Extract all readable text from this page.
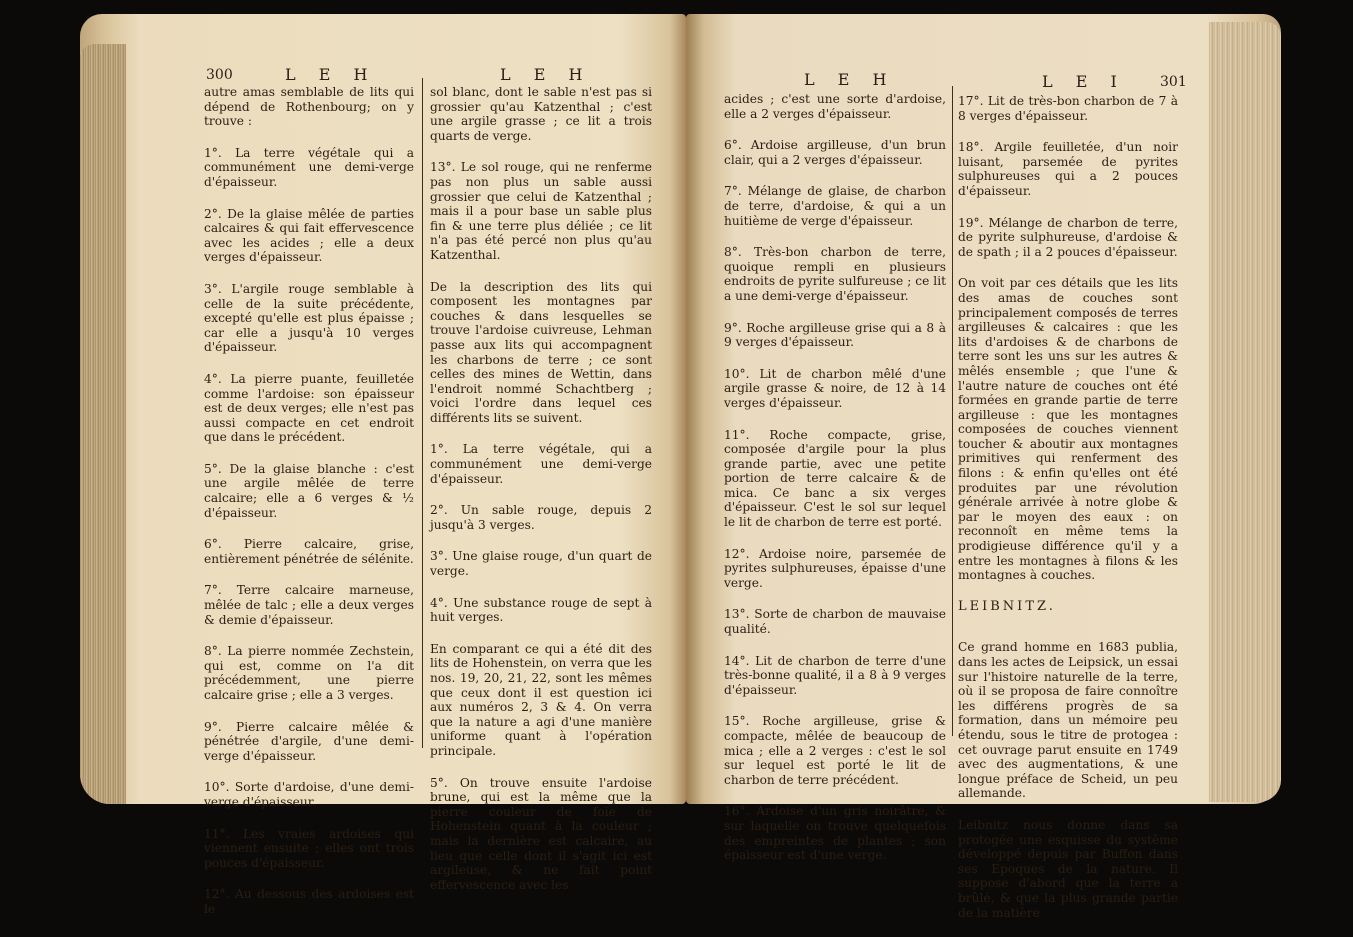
300	L E H	L E H

autre amas semblable de lits qui dépend de Rothenbourg; on y trouve :

1°. La terre végétale qui a communément une demi-verge d'épaisseur.

2°. De la glaise mêlée de parties calcaires & qui fait effervescence avec les acides ; elle a deux verges d'épaisseur.

3°. L'argile rouge semblable à celle de la suite précédente, excepté qu'elle est plus épaisse ; car elle a jusqu'à 10 verges d'épaisseur.

4°. La pierre puante, feuilletée comme l'ardoise: son épaisseur est de deux verges; elle n'est pas aussi compacte en cet endroit que dans le précédent.

5°. De la glaise blanche : c'est une argile mêlée de terre calcaire; elle a 6 verges & ½ d'épaisseur.

6°. Pierre calcaire, grise, entièrement pénétrée de sélénite.

7°. Terre calcaire marneuse, mêlée de talc ; elle a deux verges & demie d'épaisseur.

8°. La pierre nommée Zechstein, qui est, comme on l'a dit précédemment, une pierre calcaire grise ; elle a 3 verges.

9°. Pierre calcaire mêlée & pénétrée d'argile, d'une demi-verge d'épaisseur.

10°. Sorte d'ardoise, d'une demi-verge d'épaisseur.

11°. Les vraies ardoises qui viennent ensuite ; elles ont trois pouces d'épaisseur.

12°. Au dessous des ardoises est le

sol blanc, dont le sable n'est pas si grossier qu'au Katzenthal ; c'est une argile grasse ; ce lit a trois quarts de verge.

13°. Le sol rouge, qui ne renferme pas non plus un sable aussi grossier que celui de Katzenthal ; mais il a pour base un sable plus fin & une terre plus déliée ; ce lit n'a pas été percé non plus qu'au Katzenthal.

De la description des lits qui composent les montagnes par couches & dans lesquelles se trouve l'ardoise cuivreuse, Lehman passe aux lits qui accompagnent les charbons de terre ; ce sont celles des mines de Wettin, dans l'endroit nommé Schachtberg ; voici l'ordre dans lequel ces différents lits se suivent.

1°. La terre végétale, qui a communément une demi-verge d'épaisseur.

2°. Un sable rouge, depuis 2 jusqu'à 3 verges.

3°. Une glaise rouge, d'un quart de verge.

4°. Une substance rouge de sept à huit verges.

En comparant ce qui a été dit des lits de Hohenstein, on verra que les nos. 19, 20, 21, 22, sont les mêmes que ceux dont il est question ici aux numéros 2, 3 & 4. On verra que la nature a agi d'une manière uniforme quant à l'opération principale.

5°. On trouve ensuite l'ardoise brune, qui est la même que la pierre couleur de foie de Hohenstein quant à la couleur ; mais la dernière est calcaire, au lieu que celle dont il s'agit ici est argileuse, & ne fait point effervescence avec les

L E H	L E I 301

acides ; c'est une sorte d'ardoise, elle a 2 verges d'épaisseur.

6°. Ardoise argilleuse, d'un brun clair, qui a 2 verges d'épaisseur.

7°. Mélange de glaise, de charbon de terre, d'ardoise, & qui a un huitième de verge d'épaisseur.

8°. Très-bon charbon de terre, quoique rempli en plusieurs endroits de pyrite sulfureuse ; ce lit a une demi-verge d'épaisseur.

9°. Roche argilleuse grise qui a 8 à 9 verges d'épaisseur.

10°. Lit de charbon mêlé d'une argile grasse & noire, de 12 à 14 verges d'épaisseur.

11°. Roche compacte, grise, composée d'argile pour la plus grande partie, avec une petite portion de terre calcaire & de mica. Ce banc a six verges d'épaisseur. C'est le sol sur lequel le lit de charbon de terre est porté.

12°. Ardoise noire, parsemée de pyrites sulphureuses, épaisse d'une verge.

13°. Sorte de charbon de mauvaise qualité.

14°. Lit de charbon de terre d'une très-bonne qualité, il a 8 à 9 verges d'épaisseur.

15°. Roche argilleuse, grise & compacte, mêlée de beaucoup de mica ; elle a 2 verges : c'est le sol sur lequel est porté le lit de charbon de terre précédent.

16°. Ardoise d'un gris noirâtre, & sur laquelle on trouve quelquefois des empreintes de plantes ; son épaisseur est d'une verge.

17°. Lit de très-bon charbon de 7 à 8 verges d'épaisseur.

18°. Argile feuilletée, d'un noir luisant, parsemée de pyrites sulphureuses qui a 2 pouces d'épaisseur.

19°. Mélange de charbon de terre, de pyrite sulphureuse, d'ardoise & de spath ; il a 2 pouces d'épaisseur.

On voit par ces détails que les lits des amas de couches sont principalement composés de terres argilleuses & calcaires : que les lits d'ardoises & de charbons de terre sont les uns sur les autres & mêlés ensemble ; que l'une & l'autre nature de couches ont été formées en grande partie de terre argilleuse : que les montagnes composées de couches viennent toucher & aboutir aux montagnes primitives qui renferment des filons : & enfin qu'elles ont été produites par une révolution générale arrivée à notre globe & par le moyen des eaux : on reconnoît en même tems la prodigieuse différence qu'il y a entre les montagnes à filons & les montagnes à couches.

LEIBNITZ.

Ce grand homme en 1683 publia, dans les actes de Leipsick, un essai sur l'histoire naturelle de la terre, où il se proposa de faire connoître les différens progrès de sa formation, dans un mémoire peu étendu, sous le titre de protogea : cet ouvrage parut ensuite en 1749 avec des augmentations, & une longue préface de Scheid, un peu allemande.

Leibnitz nous donne dans sa protogée une esquisse du systême développé depuis par Buffon dans ses Epoques de la nature. Il suppose d'abord que la terre a brûlé, & que la plus grande partie de la matière
